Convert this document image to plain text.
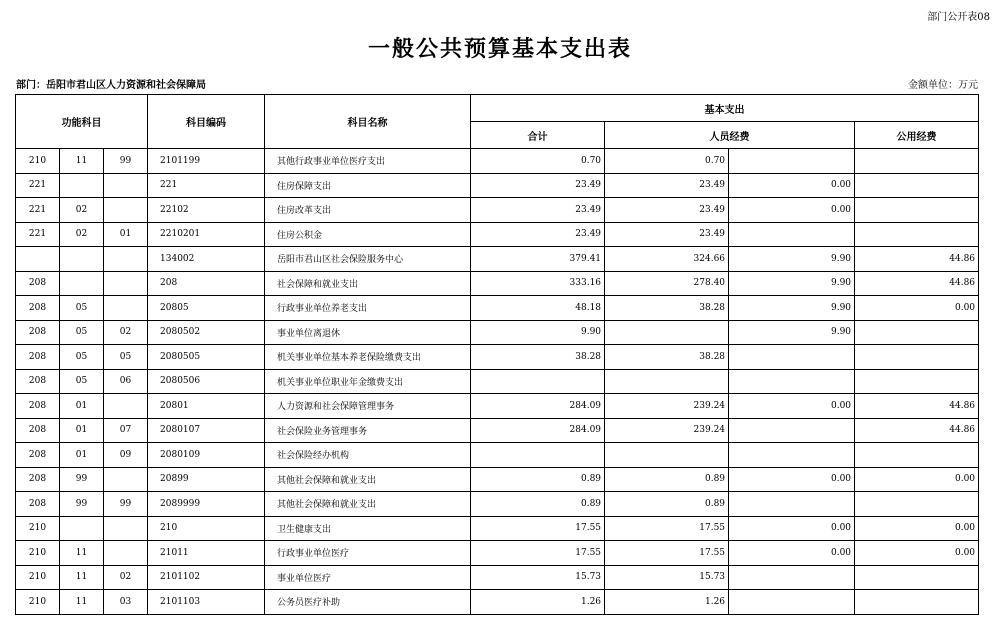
部门公开表08
一般公共预算基本支出表
部门：岳阳市君山区人力资源和社会保障局	金额单位：万元
功能科目			科目编码	科目名称	基本支出			
					合计	人员经费		公用经费
210	11	99	2101199	其他行政事业单位医疗支出	0.70	0.70		
221			221	住房保障支出	23.49	23.49	0.00	
221	02		22102	住房改革支出	23.49	23.49	0.00	
221	02	01	2210201	住房公积金	23.49	23.49		
			134002	岳阳市君山区社会保险服务中心	379.41	324.66	9.90	44.86
208			208	社会保障和就业支出	333.16	278.40	9.90	44.86
208	05		20805	行政事业单位养老支出	48.18	38.28	9.90	0.00
208	05	02	2080502	事业单位离退休	9.90		9.90	
208	05	05	2080505	机关事业单位基本养老保险缴费支出	38.28	38.28		
208	05	06	2080506	机关事业单位职业年金缴费支出				
208	01		20801	人力资源和社会保障管理事务	284.09	239.24	0.00	44.86
208	01	07	2080107	社会保险业务管理事务	284.09	239.24		44.86
208	01	09	2080109	社会保险经办机构				
208	99		20899	其他社会保障和就业支出	0.89	0.89	0.00	0.00
208	99	99	2089999	其他社会保障和就业支出	0.89	0.89		
210			210	卫生健康支出	17.55	17.55	0.00	0.00
210	11		21011	行政事业单位医疗	17.55	17.55	0.00	0.00
210	11	02	2101102	事业单位医疗	15.73	15.73		
210	11	03	2101103	公务员医疗补助	1.26	1.26		
